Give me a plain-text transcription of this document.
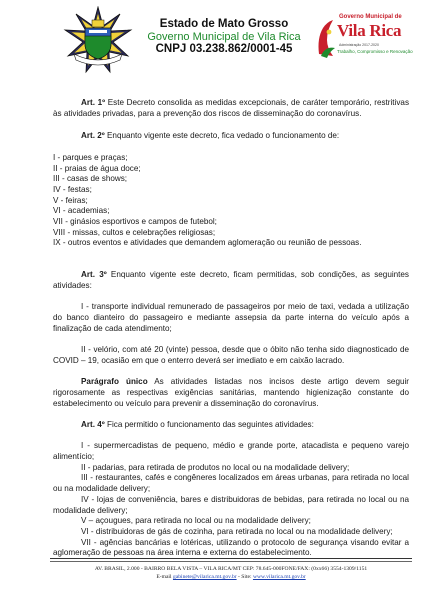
Estado de Mato Grosso
Governo Municipal de Vila Rica
CNPJ 03.238.862/0001-45
Governo Municipal de
Vila Rica
Administração 2017-2020
Trabalho, Compromisso e Renovação

Art. 1º Este Decreto consolida as medidas excepcionais, de caráter temporário, restritivas às atividades privadas, para a prevenção dos riscos de disseminação do coronavírus.

Art. 2º Enquanto vigente este decreto, fica vedado o funcionamento de:

I - parques e praças;

II - praias de água doce;

III - casas de shows;

IV - festas;

V - feiras;

VI - academias;

VII - ginásios esportivos e campos de futebol;

VIII - missas, cultos e celebrações religiosas;

IX - outros eventos e atividades que demandem aglomeração ou reunião de pessoas.

Art. 3º Enquanto vigente este decreto, ficam permitidas, sob condições, as seguintes atividades:

I - transporte individual remunerado de passageiros por meio de taxi, vedada a utilização do banco dianteiro do passageiro e mediante assepsia da parte interna do veículo após a finalização de cada atendimento;

II - velório, com até 20 (vinte) pessoa, desde que o óbito não tenha sido diagnosticado de COVID – 19, ocasião em que o enterro deverá ser imediato e em caixão lacrado.

Parágrafo único As atividades listadas nos incisos deste artigo devem seguir rigorosamente as respectivas exigências sanitárias, mantendo higienização constante do estabelecimento ou veículo para prevenir a disseminação do coronavírus.

Art. 4º Fica permitido o funcionamento das seguintes atividades:

I - supermercadistas de pequeno, médio e grande porte, atacadista e pequeno varejo alimentício;

II - padarias, para retirada de produtos no local ou na modalidade delivery;

III - restaurantes, cafés e congêneres localizados em áreas urbanas, para retirada no local ou na modalidade delivery;

IV - lojas de conveniência, bares e distribuidoras de bebidas, para retirada no local ou na modalidade delivery;

V – açougues, para retirada no local ou na modalidade delivery;

VI - distribuidoras de gás de cozinha, para retirada no local ou na modalidade delivery;

VII - agências bancárias e lotéricas, utilizando o protocolo de segurança visando evitar a aglomeração de pessoas na área interna e externa do estabelecimento.

AV. BRASIL, 2.000 - BAIRRO BELA VISTA – VILA RICA/MT CEP: 78.645-000FONE/FAX: (0xx66) 3554-1309/1151
E-mail gabinete@vilarica.mt.gov.br - Site: www.vilarica.mt.gov.br
